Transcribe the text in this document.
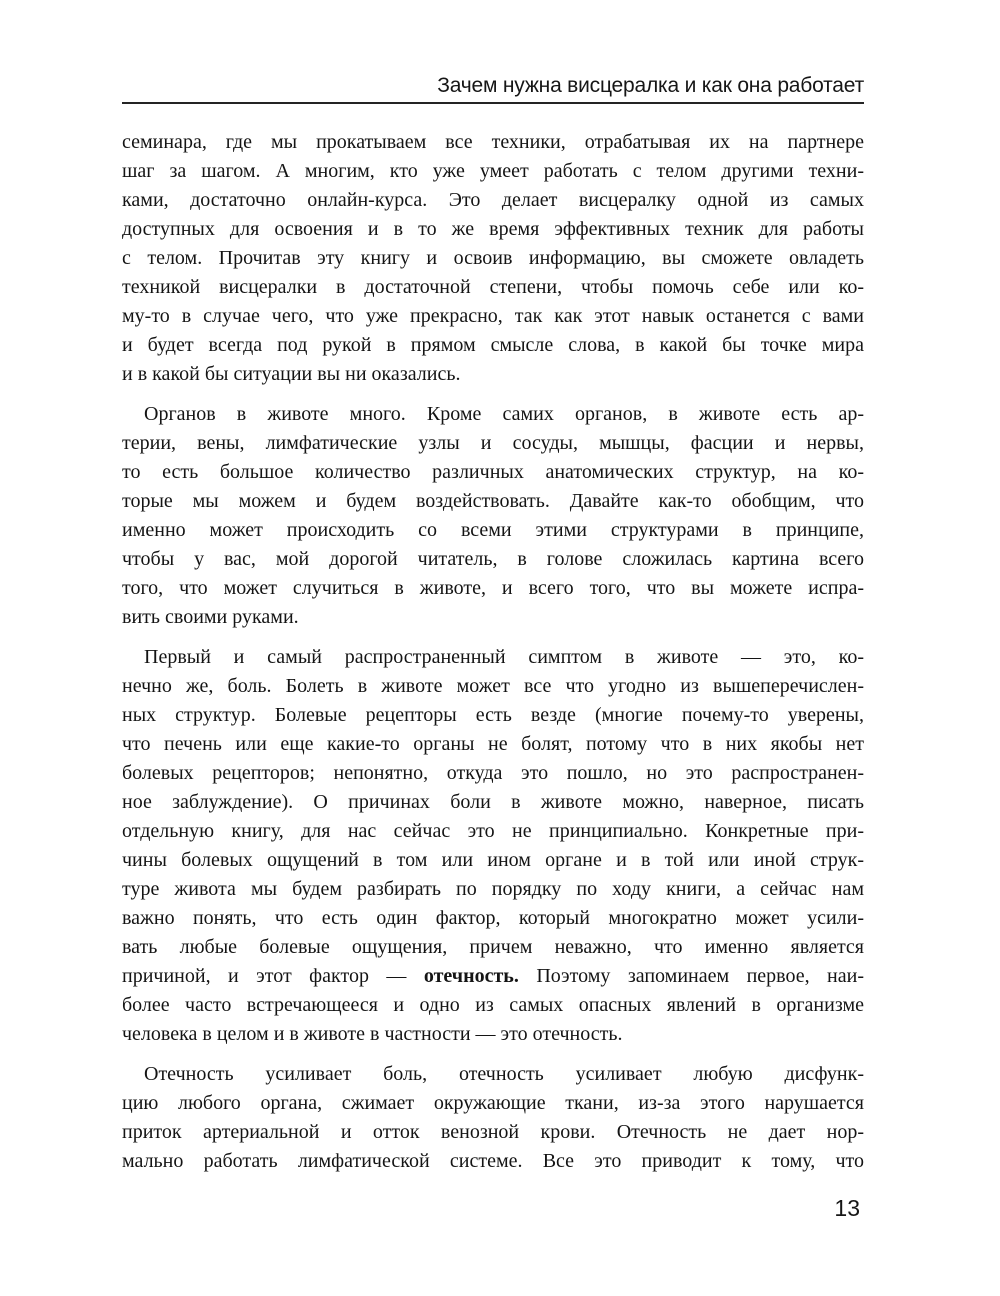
Зачем нужна висцералка и как она работает
семинара, где мы прокатываем все техники, отрабатывая их на партнере
шаг за шагом. А многим, кто уже умеет работать с телом другими техни-
ками, достаточно онлайн-курса. Это делает висцералку одной из самых
доступных для освоения и в то же время эффективных техник для работы
с телом. Прочитав эту книгу и освоив информацию, вы сможете овладеть
техникой висцералки в достаточной степени, чтобы помочь себе или ко-
му-то в случае чего, что уже прекрасно, так как этот навык останется с вами
и будет всегда под рукой в прямом смысле слова, в какой бы точке мира
и в какой бы ситуации вы ни оказались.
Органов в животе много. Кроме самих органов, в животе есть ар-
терии, вены, лимфатические узлы и сосуды, мышцы, фасции и нервы,
то есть большое количество различных анатомических структур, на ко-
торые мы можем и будем воздействовать. Давайте как-то обобщим, что
именно может происходить со всеми этими структурами в принципе,
чтобы у вас, мой дорогой читатель, в голове сложилась картина всего
того, что может случиться в животе, и всего того, что вы можете испра-
вить своими руками.
Первый и самый распространенный симптом в животе — это, ко-
нечно же, боль. Болеть в животе может все что угодно из вышеперечислен-
ных структур. Болевые рецепторы есть везде (многие почему-то уверены,
что печень или еще какие-то органы не болят, потому что в них якобы нет
болевых рецепторов; непонятно, откуда это пошло, но это распространен-
ное заблуждение). О причинах боли в животе можно, наверное, писать
отдельную книгу, для нас сейчас это не принципиально. Конкретные при-
чины болевых ощущений в том или ином органе и в той или иной струк-
туре живота мы будем разбирать по порядку по ходу книги, а сейчас нам
важно понять, что есть один фактор, который многократно может усили-
вать любые болевые ощущения, причем неважно, что именно является
причиной, и этот фактор — отечность. Поэтому запоминаем первое, наи-
более часто встречающееся и одно из самых опасных явлений в организме
человека в целом и в животе в частности — это отечность.
Отечность усиливает боль, отечность усиливает любую дисфунк-
цию любого органа, сжимает окружающие ткани, из-за этого нарушается
приток артериальной и отток венозной крови. Отечность не дает нор-
мально работать лимфатической системе. Все это приводит к тому, что
13
